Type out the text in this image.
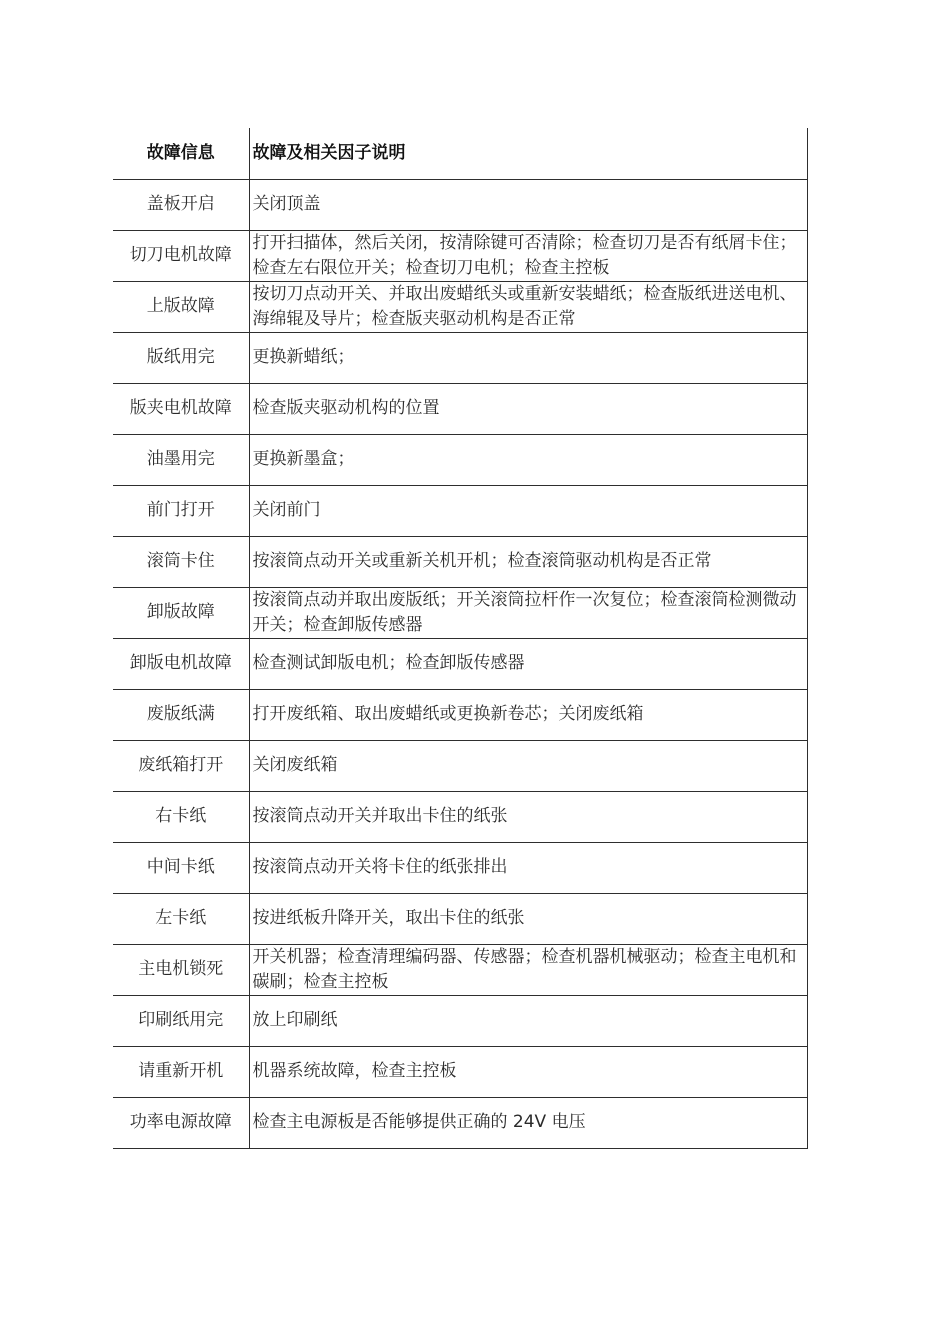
故障信息	故障及相关因子说明
盖板开启	关闭顶盖
切刀电机故障	打开扫描体，然后关闭，按清除键可否清除；检查切刀是否有纸屑卡住；检查左右限位开关；检查切刀电机；检查主控板
上版故障	按切刀点动开关、并取出废蜡纸头或重新安装蜡纸；检查版纸进送电机、海绵辊及导片；检查版夹驱动机构是否正常
版纸用完	更换新蜡纸；
版夹电机故障	检查版夹驱动机构的位置
油墨用完	更换新墨盒；
前门打开	关闭前门
滚筒卡住	按滚筒点动开关或重新关机开机；检查滚筒驱动机构是否正常
卸版故障	按滚筒点动并取出废版纸；开关滚筒拉杆作一次复位；检查滚筒检测微动开关；检查卸版传感器
卸版电机故障	检查测试卸版电机；检查卸版传感器
废版纸满	打开废纸箱、取出废蜡纸或更换新卷芯；关闭废纸箱
废纸箱打开	关闭废纸箱
右卡纸	按滚筒点动开关并取出卡住的纸张
中间卡纸	按滚筒点动开关将卡住的纸张排出
左卡纸	按进纸板升降开关，取出卡住的纸张
主电机锁死	开关机器；检查清理编码器、传感器；检查机器机械驱动；检查主电机和碳刷；检查主控板
印刷纸用完	放上印刷纸
请重新开机	机器系统故障，检查主控板
功率电源故障	检查主电源板是否能够提供正确的 24V 电压
